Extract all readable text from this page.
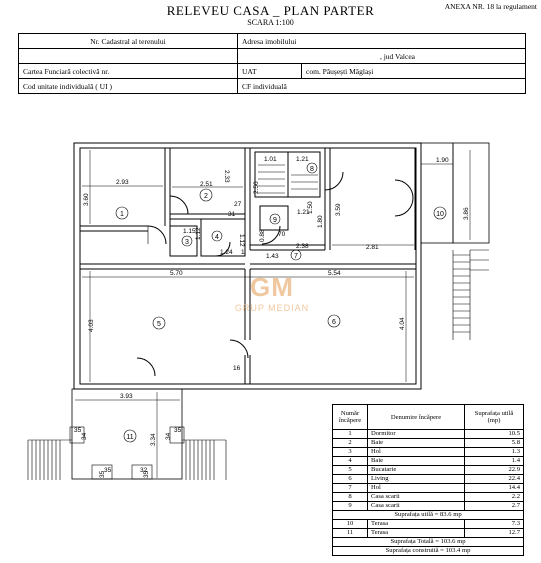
RELEVEU CASA _ PLAN PARTER
SCARA 1:100
ANEXA NR. 18 la regulament
Nr. Cadastral al terenului	Adresa imobilului	
	, jud Valcea	
Cartea Funciară colectivă nr.	UAT	com. Păușești Măglași
Cod unitate individuală ( UI )	CF individuală	
1
2
3
4
5	6
7
8
9
10
11
2.93
3.60
2.51
2.33
27
31
1.15 1.12
1.12
1.24 1
1.01	1.21
1.21
2.50
1.50
1.80
0.88
2.38
1.43
2.81
3.59
1.90
3.86
5.70	5.54
4.03	4.04
16
3.93
3.34
35
34
35
34
35
35
32
35
70
GM
GRUP MEDIAN
Număr încăpere	Denumire încăpere	Suprafața utilă (mp)
1	Dormitor	10.5
2	Baie	5.8
3	Hol	1.3
4	Baie	1.4
5	Bucatarie	22.9
6	Living	22.4
7	Hol	14.4
8	Casa scarii	2.2
9	Casa scarii	2.7
Suprafața utilă = 83.6 mp		
10	Terasa	7.3
11	Terasa	12.7
Suprafața Totală = 103.6 mp		
Suprafața construită = 103.4 mp		
